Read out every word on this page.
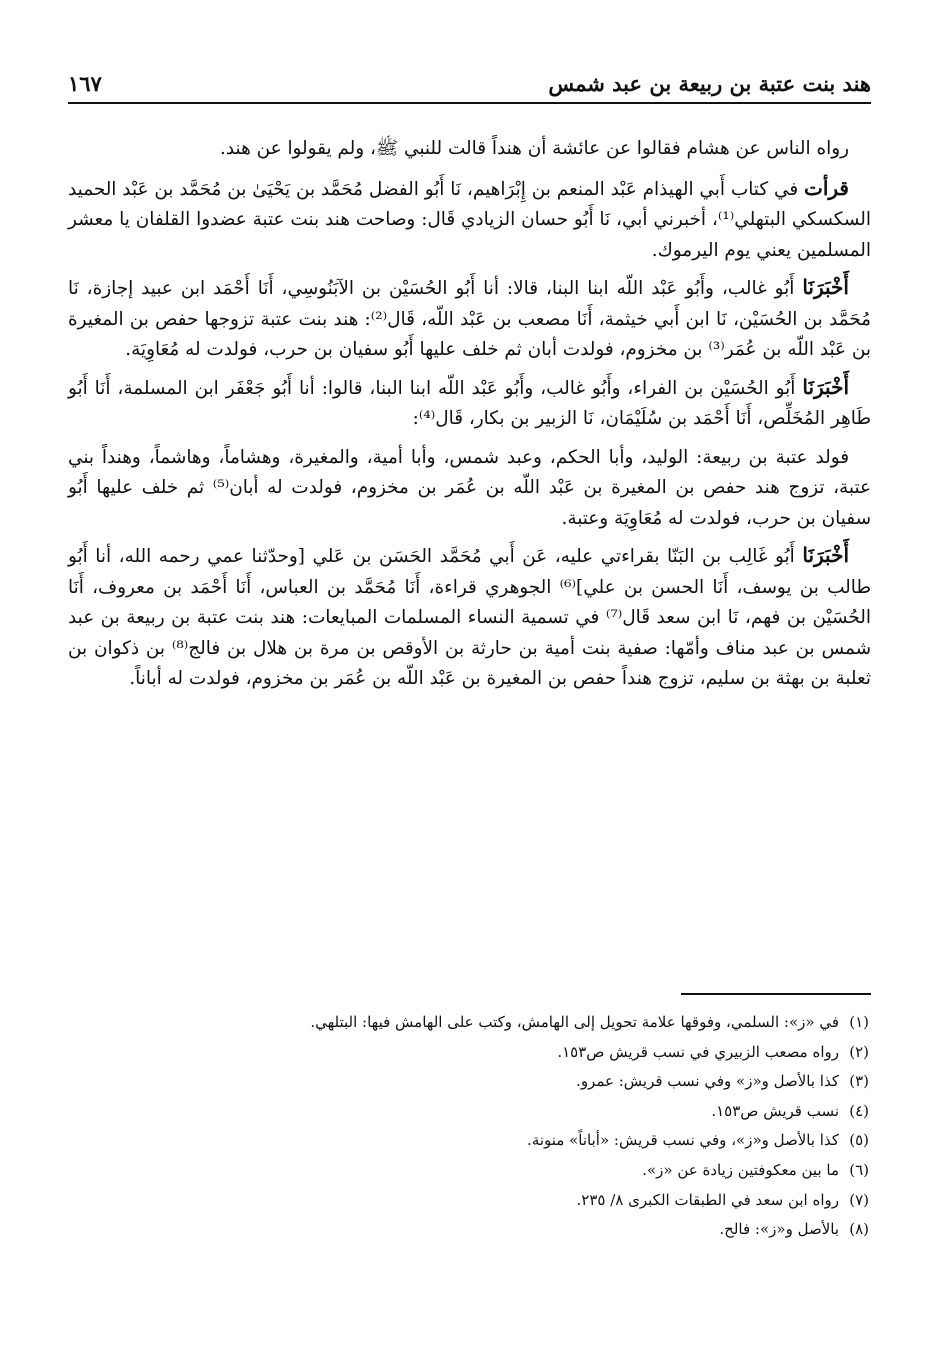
هند بنت عتبة بن ربيعة بن عبد شمس
١٦٧

رواه الناس عن هشام فقالوا عن عائشة أن هنداً قالت للنبي ﷺ، ولم يقولوا عن هند.

قرأت في كتاب أَبي الهيذام عَبْد المنعم بن إِبْرَاهيم، نَا أَبُو الفضل مُحَمَّد بن يَحْيَىٰ بن مُحَمَّد بن عَبْد الحميد السكسكي البتهلي⁽¹⁾، أخبرني أبي، نَا أَبُو حسان الزيادي قَال: وصاحت هند بنت عتبة عضدوا القلفان يا معشر المسلمين يعني يوم اليرموك.

أَخْبَرَنَا أَبُو غالب، وأَبُو عَبْد اللّه ابنا البنا، قالا: أنا أَبُو الحُسَيْن بن الآبَنُوسِي، أَنَا أَحْمَد ابن عبيد إجازة، نَا مُحَمَّد بن الحُسَيْن، نَا ابن أَبي خيثمة، أَنَا مصعب بن عَبْد اللّه، قَال⁽²⁾: هند بنت عتبة تزوجها حفص بن المغيرة بن عَبْد اللّه بن عُمَر⁽³⁾ بن مخزوم، فولدت أبان ثم خلف عليها أَبُو سفيان بن حرب، فولدت له مُعَاوِيَة.

أَخْبَرَنَا أَبُو الحُسَيْن بن الفراء، وأَبُو غالب، وأَبُو عَبْد اللّه ابنا البنا، قالوا: أنا أَبُو جَعْفَر ابن المسلمة، أَنَا أَبُو طَاهِر المُخَلِّص، أَنَا أَحْمَد بن سُلَيْمَان، نَا الزبير بن بكار، قَال⁽⁴⁾:

فولد عتبة بن ربيعة: الوليد، وأبا الحكم، وعبد شمس، وأبا أمية، والمغيرة، وهشاماً، وهاشماً، وهنداً بني عتبة، تزوج هند حفص بن المغيرة بن عَبْد اللّه بن عُمَر بن مخزوم، فولدت له أبان⁽⁵⁾ ثم خلف عليها أَبُو سفيان بن حرب، فولدت له مُعَاوِيَة وعتبة.

أَخْبَرَنَا أَبُو غَالِب بن البَنّا بقراءتي عليه، عَن أَبي مُحَمَّد الحَسَن بن عَلي [وحدّثنا عمي رحمه الله، أنا أَبُو طالب بن يوسف، أَنَا الحسن بن علي]⁽⁶⁾ الجوهري قراءة، أَنَا مُحَمَّد بن العباس، أَنَا أَحْمَد بن معروف، أَنَا الحُسَيْن بن فهم، نَا ابن سعد قَال⁽⁷⁾ في تسمية النساء المسلمات المبايعات: هند بنت عتبة بن ربيعة بن عبد شمس بن عبد مناف وأمّها: صفية بنت أمية بن حارثة بن الأوقص بن مرة بن هلال بن فالج⁽⁸⁾ بن ذكوان بن ثعلبة بن بهثة بن سليم، تزوج هنداً حفص بن المغيرة بن عَبْد اللّه بن عُمَر بن مخزوم، فولدت له أباناً.

(١)
في «ز»: السلمي، وفوقها علامة تحويل إلى الهامش، وكتب على الهامش فيها: البتلهي.
(٢)
رواه مصعب الزبيري في نسب قريش ص١٥٣.
(٣)
كذا بالأصل و«ز» وفي نسب قريش: عمرو.
(٤)
نسب قريش ص١٥٣.
(٥)
كذا بالأصل و«ز»، وفي نسب قريش: «أباناً» منونة.
(٦)
ما بين معكوفتين زيادة عن «ز».
(٧)
رواه ابن سعد في الطبقات الكبرى ٨/ ٢٣٥.
(٨)
بالأصل و«ز»: فالح.
